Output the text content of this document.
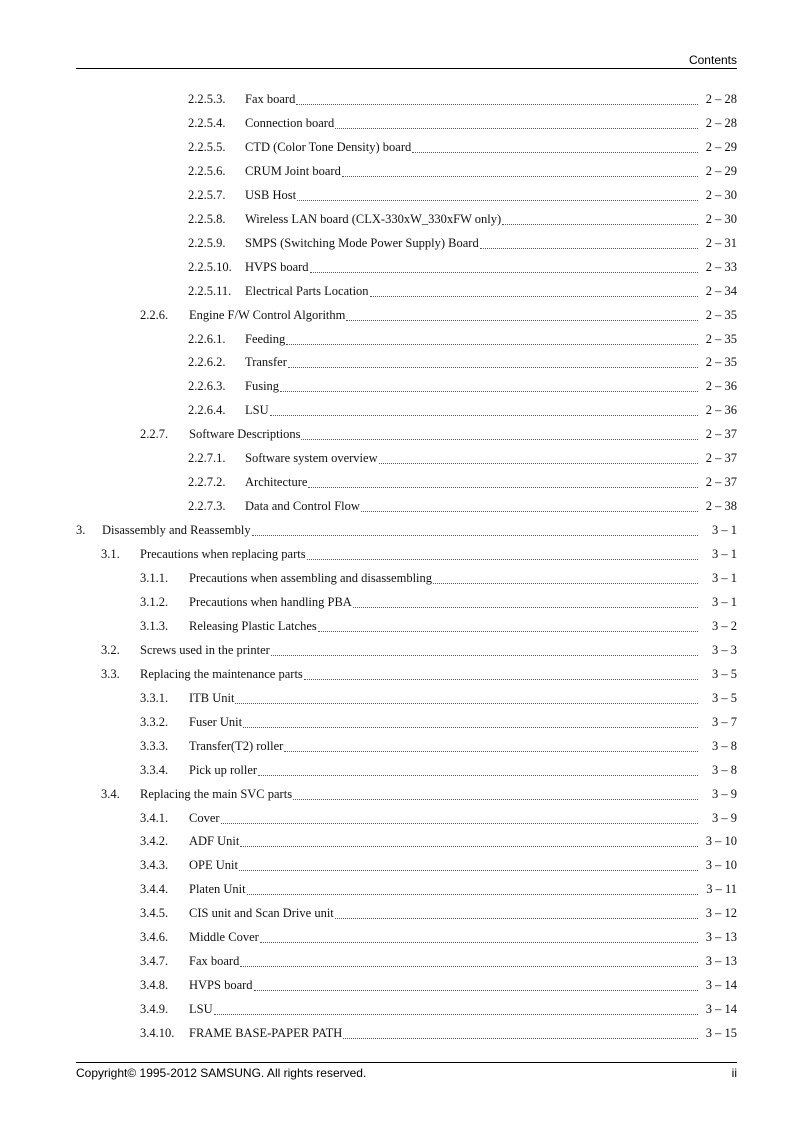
Contents
2.2.5.3.	Fax board	2 – 28
2.2.5.4.	Connection board	2 – 28
2.2.5.5.	CTD (Color Tone Density) board	2 – 29
2.2.5.6.	CRUM Joint board	2 – 29
2.2.5.7.	USB Host	2 – 30
2.2.5.8.	Wireless LAN board (CLX-330xW_330xFW only)	2 – 30
2.2.5.9.	SMPS (Switching Mode Power Supply) Board	2 – 31
2.2.5.10.	HVPS board	2 – 33
2.2.5.11.	Electrical Parts Location	2 – 34
2.2.6.	Engine F/W Control Algorithm	2 – 35
2.2.6.1.	Feeding	2 – 35
2.2.6.2.	Transfer	2 – 35
2.2.6.3.	Fusing	2 – 36
2.2.6.4.	LSU	2 – 36
2.2.7.	Software Descriptions	2 – 37
2.2.7.1.	Software system overview	2 – 37
2.2.7.2.	Architecture	2 – 37
2.2.7.3.	Data and Control Flow	2 – 38
3.	Disassembly and Reassembly	3 – 1
3.1.	Precautions when replacing parts	3 – 1
3.1.1.	Precautions when assembling and disassembling	3 – 1
3.1.2.	Precautions when handling PBA	3 – 1
3.1.3.	Releasing Plastic Latches	3 – 2
3.2.	Screws used in the printer	3 – 3
3.3.	Replacing the maintenance parts	3 – 5
3.3.1.	ITB Unit	3 – 5
3.3.2.	Fuser Unit	3 – 7
3.3.3.	Transfer(T2) roller	3 – 8
3.3.4.	Pick up roller	3 – 8
3.4.	Replacing the main SVC parts	3 – 9
3.4.1.	Cover	3 – 9
3.4.2.	ADF Unit	3 – 10
3.4.3.	OPE Unit	3 – 10
3.4.4.	Platen Unit	3 – 11
3.4.5.	CIS unit and Scan Drive unit	3 – 12
3.4.6.	Middle Cover	3 – 13
3.4.7.	Fax board	3 – 13
3.4.8.	HVPS board	3 – 14
3.4.9.	LSU	3 – 14
3.4.10.	FRAME BASE-PAPER PATH	3 – 15
Copyright© 1995-2012 SAMSUNG. All rights reserved.	ii
